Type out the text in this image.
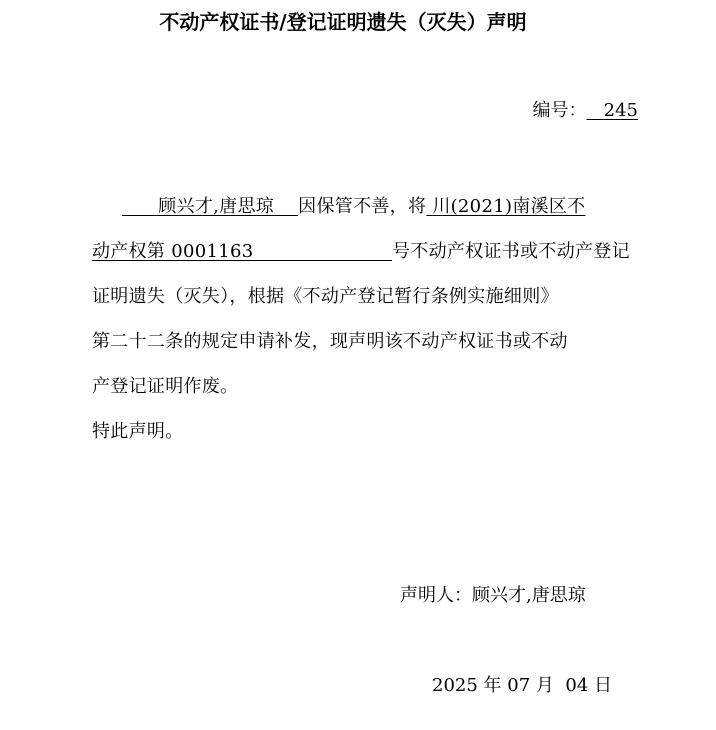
不动产权证书/登记证明遗失（灭失）声明
编号： 245
顾兴才,唐思琼 因保管不善，将 川(2021)南溪区不
动产权第 0001163	号不动产权证书或不动产登记
证明遗失（灭失），根据《不动产登记暂行条例实施细则》
第二十二条的规定申请补发，现声明该不动产权证书或不动
产登记证明作废。
特此声明。
声明人：顾兴才,唐思琼
2025 年 07 月 04 日
